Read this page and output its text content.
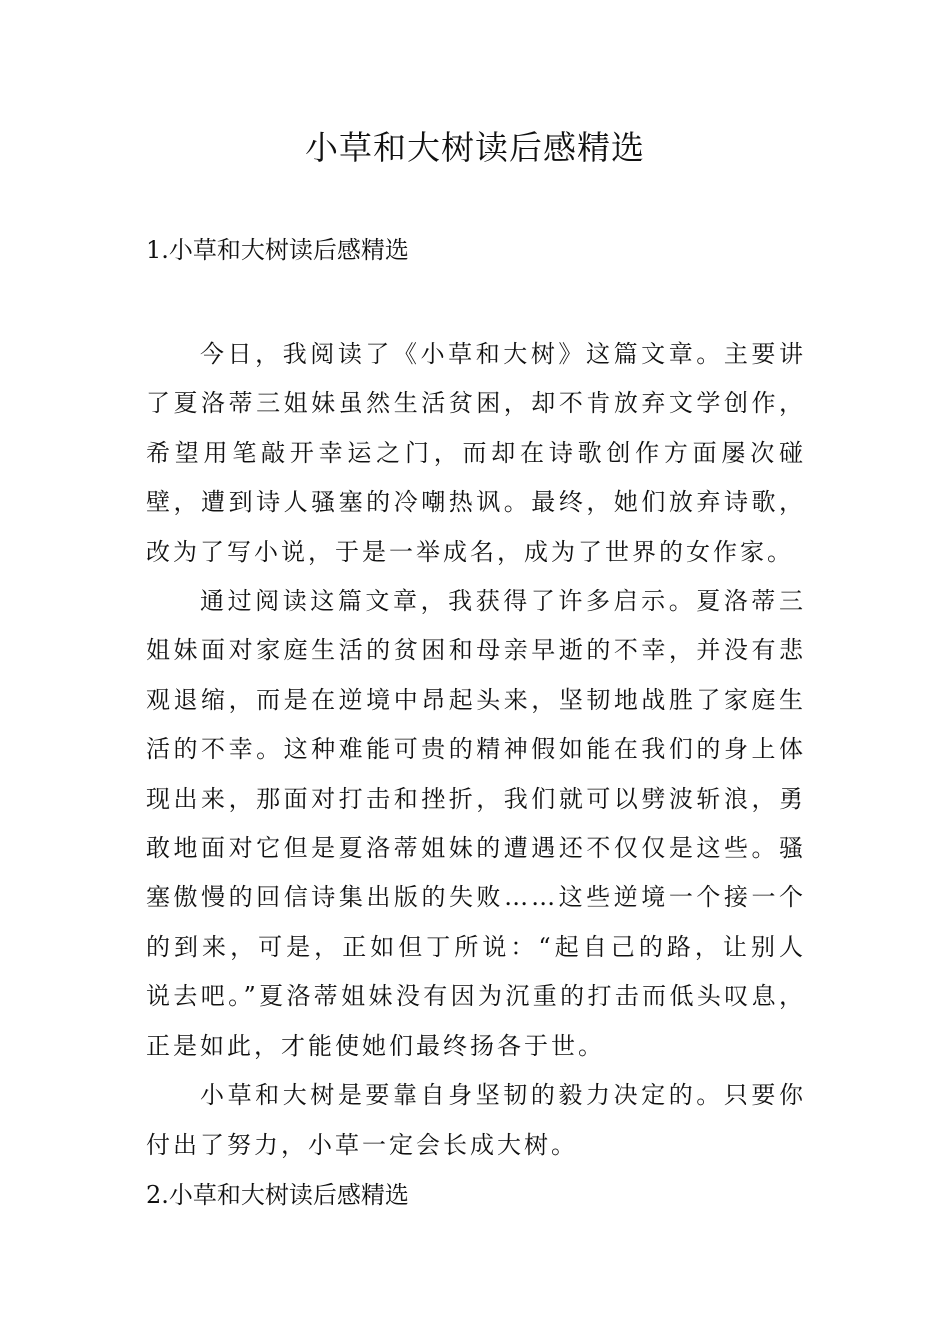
小草和大树读后感精选
1.小草和大树读后感精选

今日，我阅读了《小草和大树》这篇文章。主要讲了夏洛蒂三姐妹虽然生活贫困，却不肯放弃文学创作，希望用笔敲开幸运之门，而却在诗歌创作方面屡次碰壁，遭到诗人骚塞的冷嘲热讽。最终，她们放弃诗歌，改为了写小说，于是一举成名，成为了世界的女作家。

通过阅读这篇文章，我获得了许多启示。夏洛蒂三姐妹面对家庭生活的贫困和母亲早逝的不幸，并没有悲观退缩，而是在逆境中昂起头来，坚韧地战胜了家庭生活的不幸。这种难能可贵的精神假如能在我们的身上体现出来，那面对打击和挫折，我们就可以劈波斩浪，勇敢地面对它但是夏洛蒂姐妹的遭遇还不仅仅是这些。骚塞傲慢的回信诗集出版的失败……这些逆境一个接一个的到来，可是，正如但丁所说：“起自己的路，让别人说去吧。”夏洛蒂姐妹没有因为沉重的打击而低头叹息，正是如此，才能使她们最终扬各于世。

小草和大树是要靠自身坚韧的毅力决定的。只要你付出了努力，小草一定会长成大树。

2.小草和大树读后感精选
